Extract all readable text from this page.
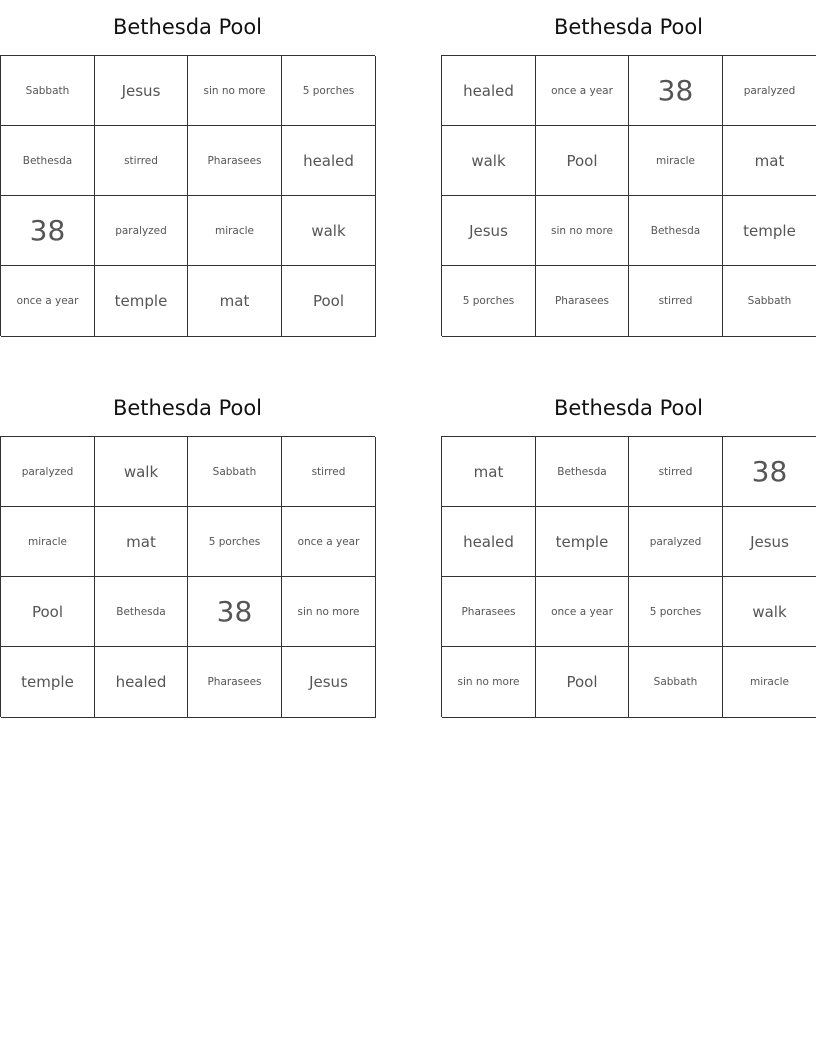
Bethesda Pool
Sabbath	Jesus	sin no more	5 porches
Bethesda	stirred	Pharasees	healed
38	paralyzed	miracle	walk
once a year	temple	mat	Pool
Bethesda Pool
healed	once a year	38	paralyzed
walk	Pool	miracle	mat
Jesus	sin no more	Bethesda	temple
5 porches	Pharasees	stirred	Sabbath
Bethesda Pool
paralyzed	walk	Sabbath	stirred
miracle	mat	5 porches	once a year
Pool	Bethesda	38	sin no more
temple	healed	Pharasees	Jesus
Bethesda Pool
mat	Bethesda	stirred	38
healed	temple	paralyzed	Jesus
Pharasees	once a year	5 porches	walk
sin no more	Pool	Sabbath	miracle
